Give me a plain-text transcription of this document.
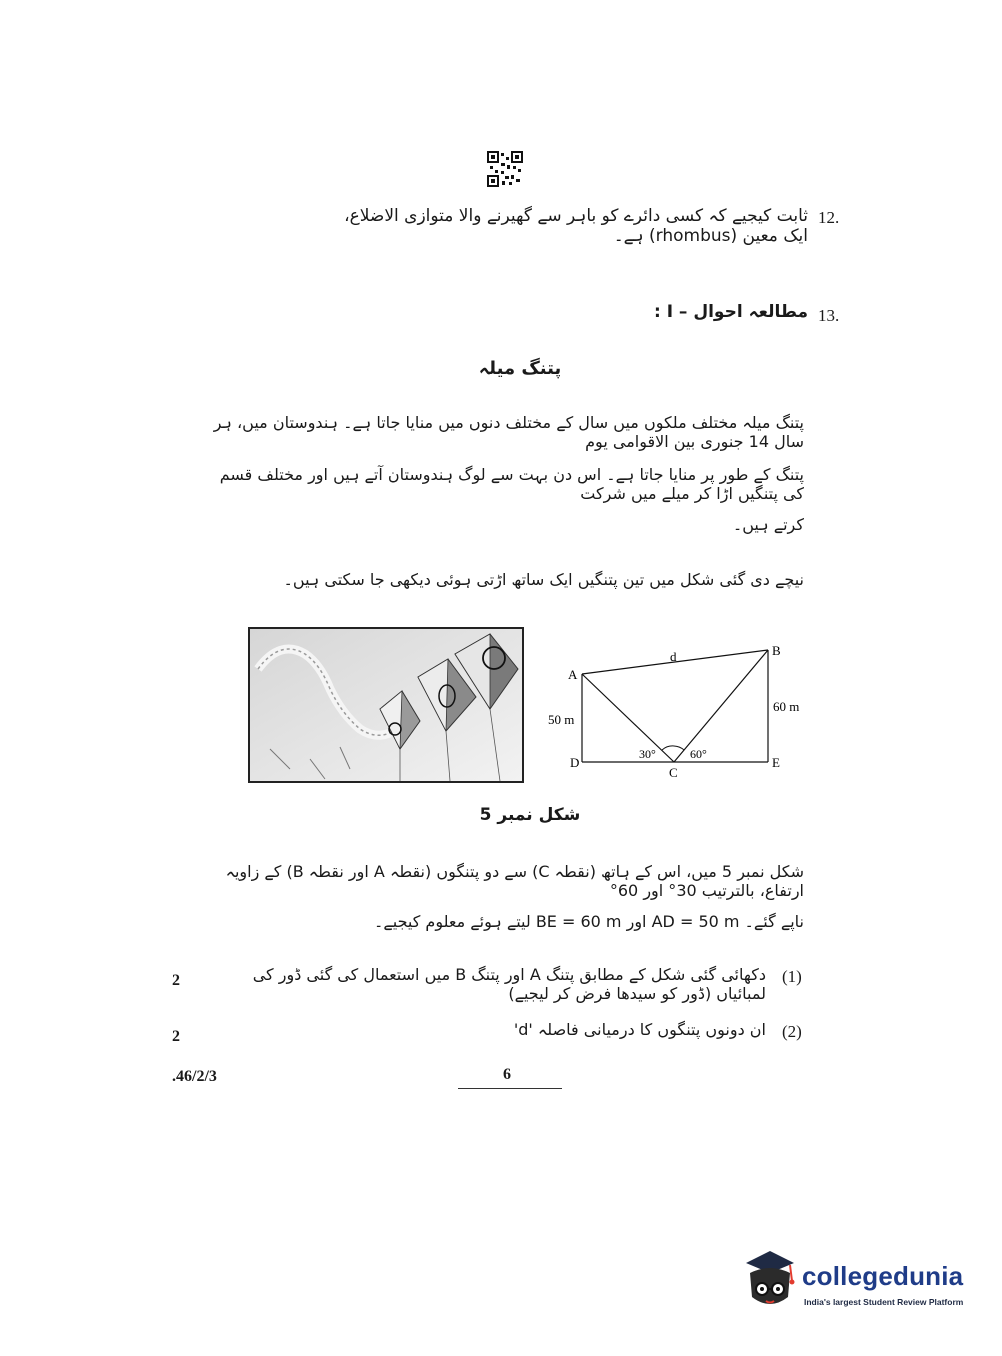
12.
ثابت کیجیے کہ کسی دائرے کو باہر سے گھیرنے والا متوازی الاضلاع، ایک معین (rhombus) ہے۔
13.
مطالعہ احوال – I :
پتنگ میلہ
پتنگ میلہ مختلف ملکوں میں سال کے مختلف دنوں میں منایا جاتا ہے۔ ہندوستان میں، ہر سال 14 جنوری بین الاقوامی یوم
پتنگ کے طور پر منایا جاتا ہے۔ اس دن بہت سے لوگ ہندوستان آتے ہیں اور مختلف قسم کی پتنگیں اڑا کر میلے میں شرکت
کرتے ہیں۔
نیچے دی گئی شکل میں تین پتنگیں ایک ساتھ اڑتی ہوئی دیکھی جا سکتی ہیں۔
A
B
C
D	E
d
50 m
60 m
30°	60°
شکل نمبر 5
شکل نمبر 5 میں، اس کے ہاتھ (نقطہ C) سے دو پتنگوں (نقطہ A اور نقطہ B) کے زاویہ ارتفاع، بالترتیب 30° اور 60°
ناپے گئے۔ AD = 50 m اور BE = 60 m لیتے ہوئے معلوم کیجیے۔
2	(1)
دکھائی گئی شکل کے مطابق پتنگ A اور پتنگ B میں استعمال کی گئی ڈور کی لمبائیاں (ڈور کو سیدھا فرض کر لیجیے)
2	(2)
ان دونوں پتنگوں کا درمیانی فاصلہ 'd'
.46/2/3	6
collegedunia
India's largest Student Review Platform
